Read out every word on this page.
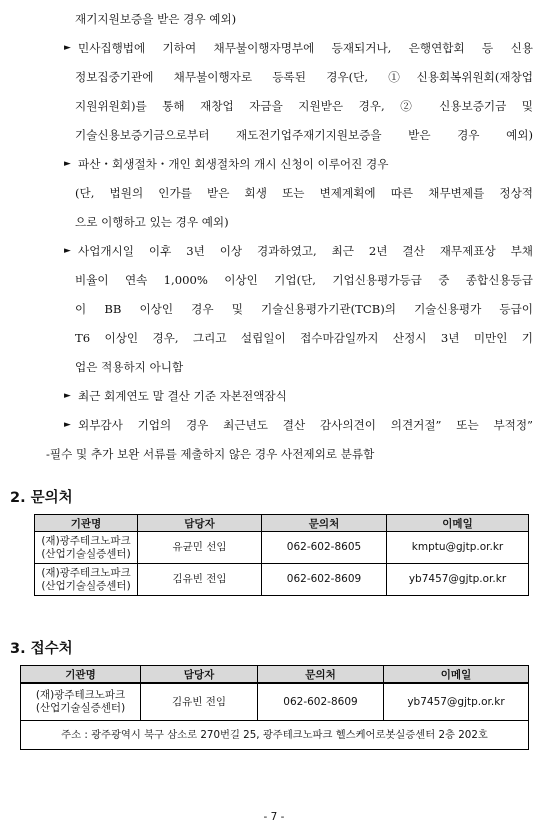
재기지원보증을 받은 경우 예외)
► 민사집행법에 기하여 채무불이행자명부에 등재되거나, 은행연합회 등 신용
정보집중기관에 채무불이행자로 등록된 경우(단, ①신용회복위원회(재창업
지원위원회)를 통해 재창업 자금을 지원받은 경우, ② 신용보증기금 및
기술신용보증기금으로부터 재도전기업주재기지원보증을 받은 경우 예외)
► 파산・회생절차・개인 회생절차의 개시 신청이 이루어진 경우
(단, 법원의 인가를 받은 회생 또는 변제계획에 따른 채무변제를 정상적
으로 이행하고 있는 경우 예외)
► 사업개시일 이후 3년 이상 경과하였고, 최근 2년 결산 재무제표상 부채
비율이 연속 1,000% 이상인 기업(단, 기업신용평가등급 중 종합신용등급
이 BB 이상인 경우 및 기술신용평가기관(TCB)의 기술신용평가 등급이
T6 이상인 경우, 그리고 설립일이 접수마감일까지 산정시 3년 미만인 기
업은 적용하지 아니함
► 최근 회계연도 말 결산 기준 자본전액잠식
► 외부감사 기업의 경우 최근년도 결산 감사의견이 의견거절” 또는 부적정”
-필수 및 추가 보완 서류를 제출하지 않은 경우 사전제외로 분류함
2. 문의처
기관명	담당자	문의처	이메일
(재)광주테크노파크
(산업기술실증센터)	유균민 선임	062-602-8605	kmptu@gjtp.or.kr
(재)광주테크노파크
(산업기술실증센터)	김유빈 전임	062-602-8609	yb7457@gjtp.or.kr
3. 접수처
기관명	담당자	문의처	이메일
(재)광주테크노파크
(산업기술실증센터)	김유빈 전임	062-602-8609	yb7457@gjtp.or.kr
주소 : 광주광역시 북구 삼소로 270번길 25, 광주테크노파크 헬스케어로봇실증센터 2층 202호			
- 7 -
